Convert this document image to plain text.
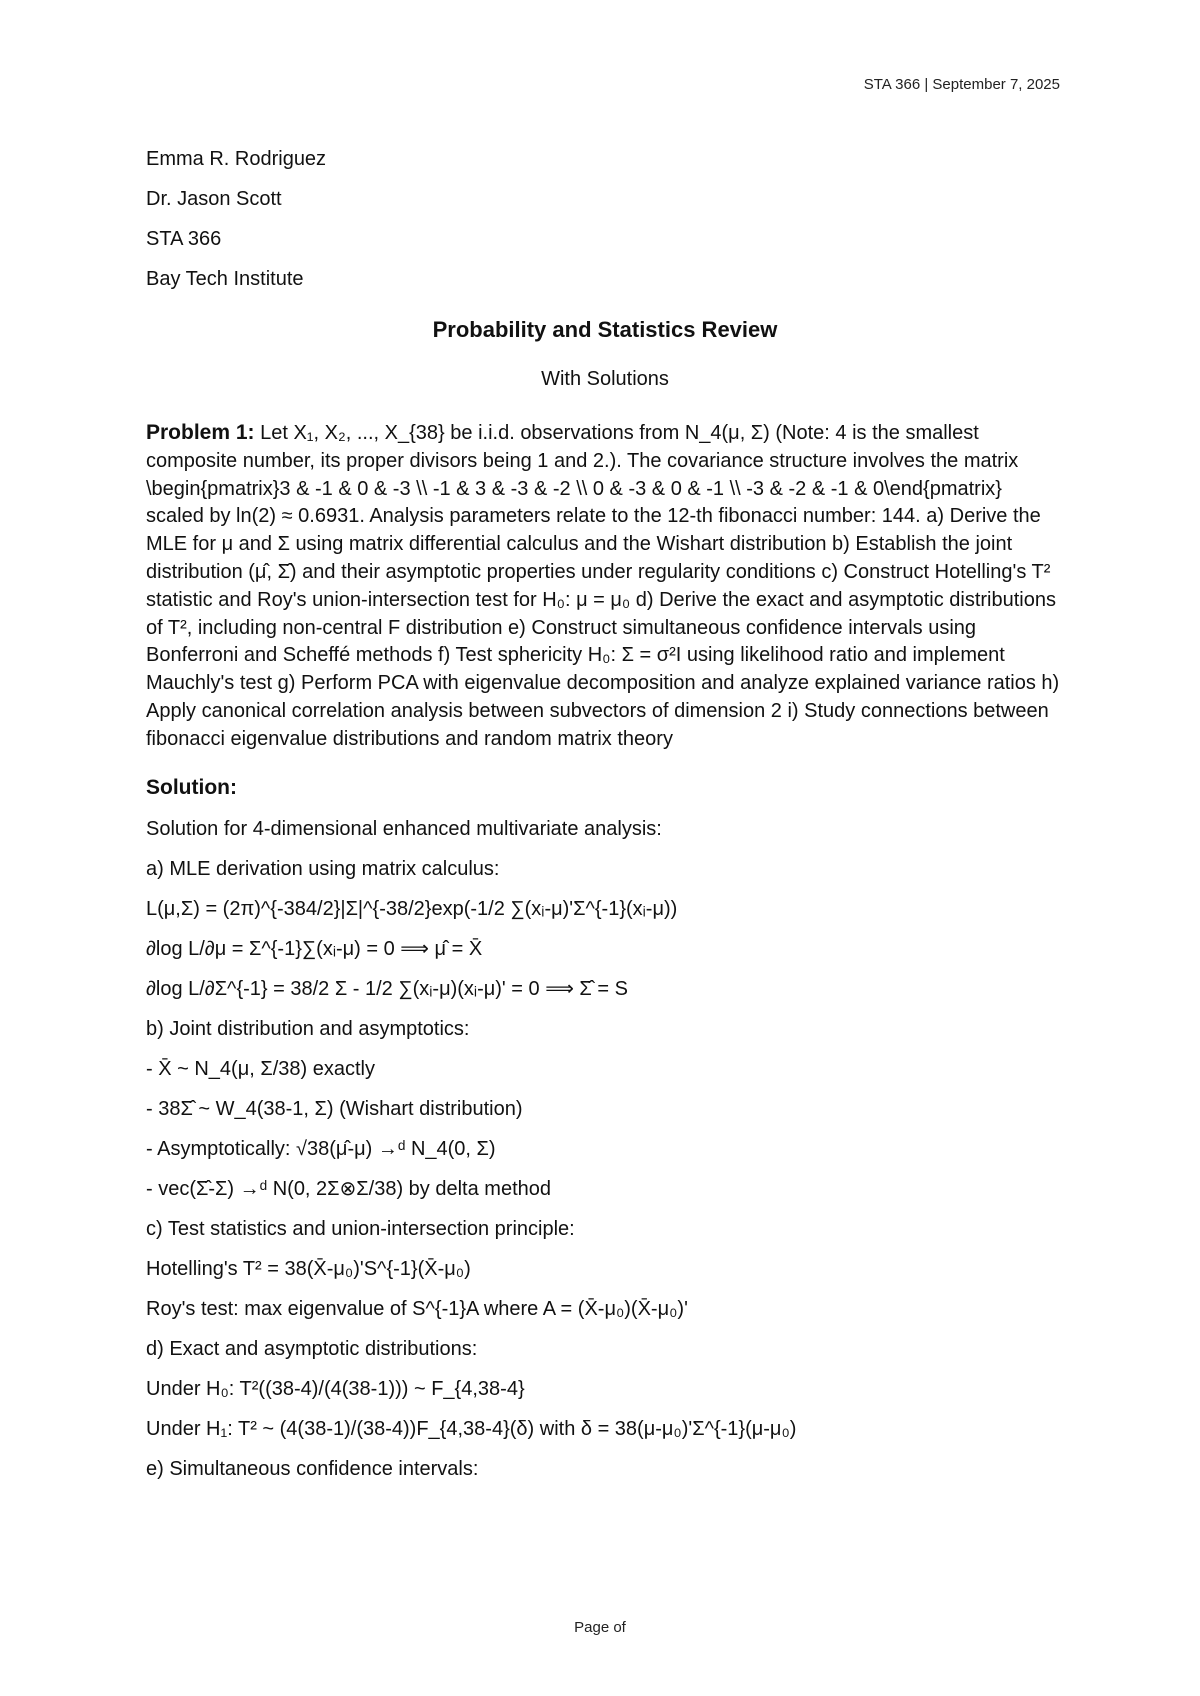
STA 366 | September 7, 2025
Emma R. Rodriguez
Dr. Jason Scott
STA 366
Bay Tech Institute
Probability and Statistics Review
With Solutions
Problem 1: Let X₁, X₂, ..., X_{38} be i.i.d. observations from N_4(μ, Σ) (Note: 4 is the smallest composite number, its proper divisors being 1 and 2.). The covariance structure involves the matrix \begin{pmatrix}3 & -1 & 0 & -3 \\ -1 & 3 & -3 & -2 \\ 0 & -3 & 0 & -1 \\ -3 & -2 & -1 & 0\end{pmatrix} scaled by ln(2) ≈ 0.6931. Analysis parameters relate to the 12-th fibonacci number: 144. a) Derive the MLE for μ and Σ using matrix differential calculus and the Wishart distribution b) Establish the joint distribution (μ̂, Σ̂) and their asymptotic properties under regularity conditions c) Construct Hotelling's T² statistic and Roy's union-intersection test for H₀: μ = μ₀ d) Derive the exact and asymptotic distributions of T², including non-central F distribution e) Construct simultaneous confidence intervals using Bonferroni and Scheffé methods f) Test sphericity H₀: Σ = σ²I using likelihood ratio and implement Mauchly's test g) Perform PCA with eigenvalue decomposition and analyze explained variance ratios h) Apply canonical correlation analysis between subvectors of dimension 2 i) Study connections between fibonacci eigenvalue distributions and random matrix theory
Solution:
Solution for 4-dimensional enhanced multivariate analysis:
a) MLE derivation using matrix calculus:
L(μ,Σ) = (2π)^{-384/2}|Σ|^{-38/2}exp(-1/2 ∑(xᵢ-μ)'Σ^{-1}(xᵢ-μ))
∂log L/∂μ = Σ^{-1}∑(xᵢ-μ) = 0 ⟹ μ̂ = X̄
∂log L/∂Σ^{-1} = 38/2 Σ - 1/2 ∑(xᵢ-μ)(xᵢ-μ)' = 0 ⟹ Σ̂ = S
b) Joint distribution and asymptotics:
- X̄ ~ N_4(μ, Σ/38) exactly
- 38Σ̂ ~ W_4(38-1, Σ) (Wishart distribution)
- Asymptotically: √38(μ̂-μ) →ᵈ N_4(0, Σ)
- vec(Σ̂-Σ) →ᵈ N(0, 2Σ⊗Σ/38) by delta method
c) Test statistics and union-intersection principle:
Hotelling's T² = 38(X̄-μ₀)'S^{-1}(X̄-μ₀)
Roy's test: max eigenvalue of S^{-1}A where A = (X̄-μ₀)(X̄-μ₀)'
d) Exact and asymptotic distributions:
Under H₀: T²((38-4)/(4(38-1))) ~ F_{4,38-4}
Under H₁: T² ~ (4(38-1)/(38-4))F_{4,38-4}(δ) with δ = 38(μ-μ₀)'Σ^{-1}(μ-μ₀)
e) Simultaneous confidence intervals:
Page of
